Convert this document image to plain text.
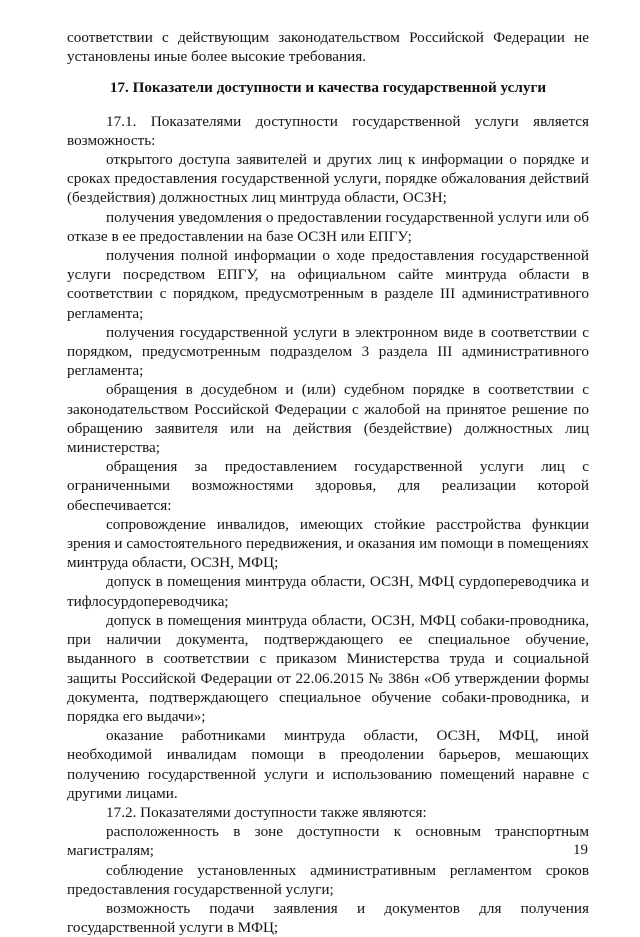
соответствии с действующим законодательством Российской Федерации не установлены иные более высокие требования.

17. Показатели доступности и качества государственной услуги

17.1. Показателями доступности государственной услуги является возможность:

открытого доступа заявителей и других лиц к информации о порядке и сроках предоставления государственной услуги, порядке обжалования действий (бездействия) должностных лиц минтруда области, ОСЗН;

получения уведомления о предоставлении государственной услуги или об отказе в ее предоставлении на базе ОСЗН или ЕПГУ;

получения полной информации о ходе предоставления государственной услуги посредством ЕПГУ, на официальном сайте минтруда области в соответствии с порядком, предусмотренным в разделе III административного регламента;

получения государственной услуги в электронном виде в соответствии с порядком, предусмотренным подразделом 3 раздела III административного регламента;

обращения в досудебном и (или) судебном порядке в соответствии с законодательством Российской Федерации с жалобой на принятое решение по обращению заявителя или на действия (бездействие) должностных лиц министерства;

обращения за предоставлением государственной услуги лиц с ограниченными возможностями здоровья, для реализации которой обеспечивается:

сопровождение инвалидов, имеющих стойкие расстройства функции зрения и самостоятельного передвижения, и оказания им помощи в помещениях минтруда области, ОСЗН, МФЦ;

допуск в помещения минтруда области, ОСЗН, МФЦ сурдопереводчика и тифлосурдопереводчика;

допуск в помещения минтруда области, ОСЗН, МФЦ собаки-проводника, при наличии документа, подтверждающего ее специальное обучение, выданного в соответствии с приказом Министерства труда и социальной защиты Российской Федерации от 22.06.2015 № 386н «Об утверждении формы документа, подтверждающего специальное обучение собаки-проводника, и порядка его выдачи»;

оказание работниками минтруда области, ОСЗН, МФЦ, иной необходимой инвалидам помощи в преодолении барьеров, мешающих получению государственной услуги и использованию помещений наравне с другими лицами.

17.2. Показателями доступности также являются:

расположенность в зоне доступности к основным транспортным магистралям;

соблюдение установленных административным регламентом сроков предоставления государственной услуги;

возможность подачи заявления и документов для получения государственной услуги в МФЦ;

19
